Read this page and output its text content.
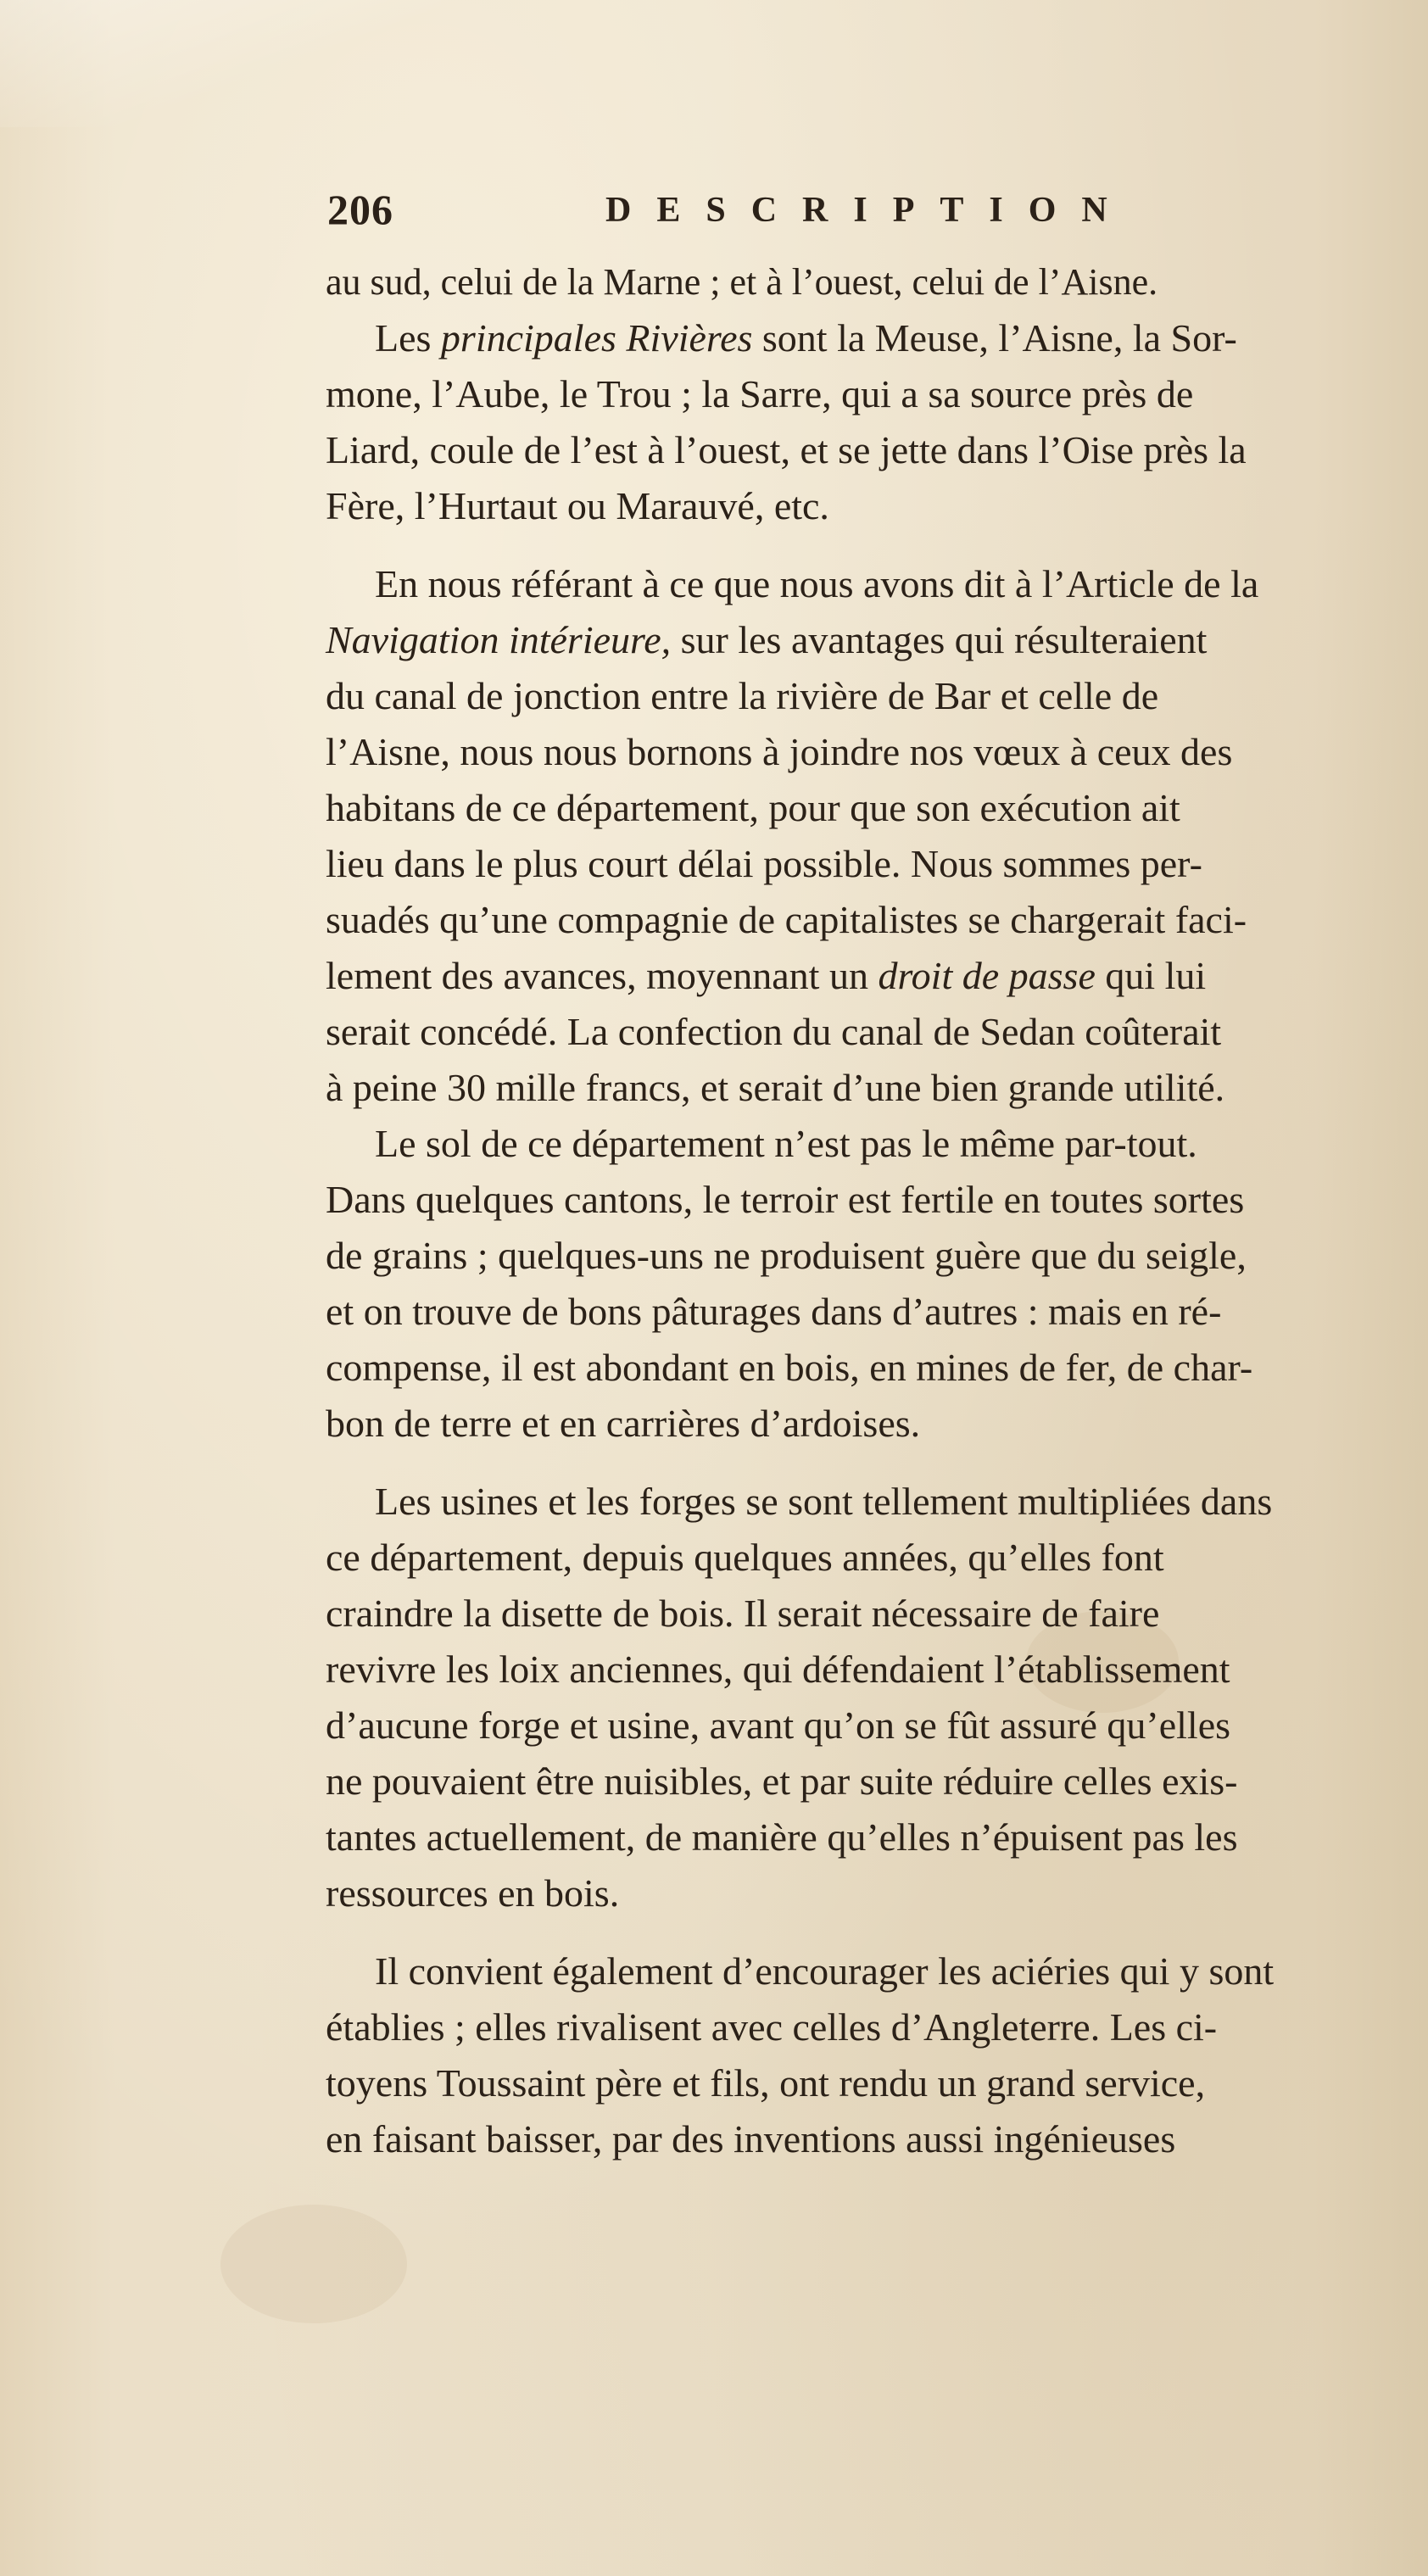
206	DESCRIPTION
au sud, celui de la Marne ; et à l’ouest, celui de l’Aisne.
Les principales Rivières sont la Meuse, l’Aisne, la Sor-
mone, l’Aube, le Trou ; la Sarre, qui a sa source près de
Liard, coule de l’est à l’ouest, et se jette dans l’Oise près la
Fère, l’Hurtaut ou Marauvé, etc.
En nous référant à ce que nous avons dit à l’Article de la
Navigation intérieure, sur les avantages qui résulteraient
du canal de jonction entre la rivière de Bar et celle de
l’Aisne, nous nous bornons à joindre nos vœux à ceux des
habitans de ce département, pour que son exécution ait
lieu dans le plus court délai possible. Nous sommes per-
suadés qu’une compagnie de capitalistes se chargerait faci-
lement des avances, moyennant un droit de passe qui lui
serait concédé. La confection du canal de Sedan coûterait
à peine 30 mille francs, et serait d’une bien grande utilité.
Le sol de ce département n’est pas le même par-tout.
Dans quelques cantons, le terroir est fertile en toutes sortes
de grains ; quelques-uns ne produisent guère que du seigle,
et on trouve de bons pâturages dans d’autres : mais en ré-
compense, il est abondant en bois, en mines de fer, de char-
bon de terre et en carrières d’ardoises.
Les usines et les forges se sont tellement multipliées dans
ce département, depuis quelques années, qu’elles font
craindre la disette de bois. Il serait nécessaire de faire
revivre les loix anciennes, qui défendaient l’établissement
d’aucune forge et usine, avant qu’on se fût assuré qu’elles
ne pouvaient être nuisibles, et par suite réduire celles exis-
tantes actuellement, de manière qu’elles n’épuisent pas les
ressources en bois.
Il convient également d’encourager les aciéries qui y sont
établies ; elles rivalisent avec celles d’Angleterre. Les ci-
toyens Toussaint père et fils, ont rendu un grand service,
en faisant baisser, par des inventions aussi ingénieuses
